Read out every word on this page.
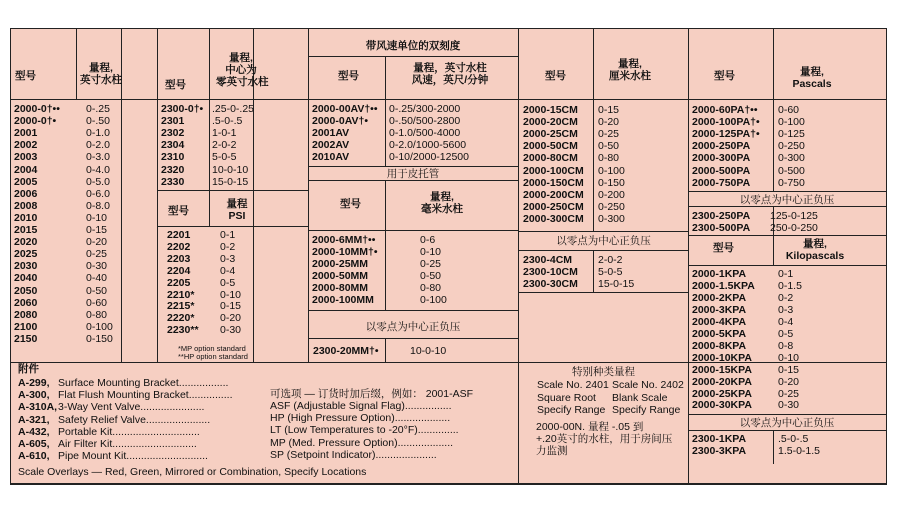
型号
量程,
英寸水柱
2000-0†•• 0-.25
2000-0†•	0-.50
2001	0-1.0
2002	0-2.0
2003	0-3.0
2004	0-4.0
2005	0-5.0
2006	0-6.0
2008	0-8.0
2010	0-10
2015	0-15
2020	0-20
2025	0-25
2030	0-30
2040	0-40
2050	0-50
2060	0-60
2080	0-80
2100	0-100
2150	0-150
型号
量程,
中心为
零英寸水柱
2300-0†• .25-0-.25
2301	.5-0-.5
2302	1-0-1
2304	2-0-2
2310	5-0-5
2320	10-0-10
2330	15-0-15
型号
量程
PSI
2201	0-1
2202	0-2
2203	0-3
2204	0-4
2205	0-5
2210* 0-10
2215* 0-15
2220* 0-20
2230** 0-30
*MP option standard
**HP option standard
带风速单位的双刻度
型号
量程，英寸水柱
风速，英尺/分钟
2000-00AV†•• 0-.25/300-2000
2000-0AV†• 0-.50/500-2800
2001AV	0-1.0/500-4000
2002AV	0-2.0/1000-5600
2010AV	0-10/2000-12500
用于皮托管
型号
量程,
毫米水柱
2000-6MM†••	0-6
2000-10MM†•	0-10
2000-25MM	0-25
2000-50MM	0-50
2000-80MM	0-80
2000-100MM	0-100
以零点为中心正负压
2300-20MM†•	10-0-10
型号
量程,
厘米水柱
2000-15CM 0-15
2000-20CM 0-20
2000-25CM 0-25
2000-50CM 0-50
2000-80CM 0-80
2000-100CM 0-100
2000-150CM 0-150
2000-200CM 0-200
2000-250CM 0-250
2000-300CM 0-300
以零点为中心正负压
2300-4CM 2-0-2
2300-10CM 5-0-5
2300-30CM 15-0-15
特别种类量程
Scale No. 2401 Scale No. 2402
Square Root Blank Scale
Specify Range Specify Range
2000-00N. 量程 -.05 到
+.20英寸的水柱，用于房间压
力监测
型号	量程,
Pascals
2000-60PA†•• 0-60
2000-100PA†• 0-100
2000-125PA†• 0-125
2000-250PA	0-250
2000-300PA	0-300
2000-500PA	0-500
2000-750PA	0-750
以零点为中心正负压
2300-250PA 125-0-125
2300-500PA 250-0-250
型号	量程,
Kilopascals
2000-1KPA	0-1
2000-1.5KPA 0-1.5
2000-2KPA	0-2
2000-3KPA	0-3
2000-4KPA	0-4
2000-5KPA	0-5
2000-8KPA	0-8
2000-10KPA 0-10
2000-15KPA 0-15
2000-20KPA 0-20
2000-25KPA 0-25
2000-30KPA 0-30
以零点为中心正负压
2300-1KPA	.5-0-.5
2300-3KPA	1.5-0-1.5
附件
A-299, Surface Mounting Bracket.................
A-300, Flat Flush Mounting Bracket...............
A-310A, 3-Way Vent Valve......................
A-321, Safety Relief Valve......................
A-432, Portable Kit..............................
A-605, Air Filter Kit.............................
A-610, Pipe Mount Kit............................
Scale Overlays — Red, Green, Mirrored or Combination, Specify Locations
可选项 — 订货时加后缀，例如： 2001-ASF
ASF (Adjustable Signal Flag)................
HP (High Pressure Option)...................
LT (Low Temperatures to -20°F)..............
MP (Med. Pressure Option)...................
SP (Setpoint Indicator).....................
